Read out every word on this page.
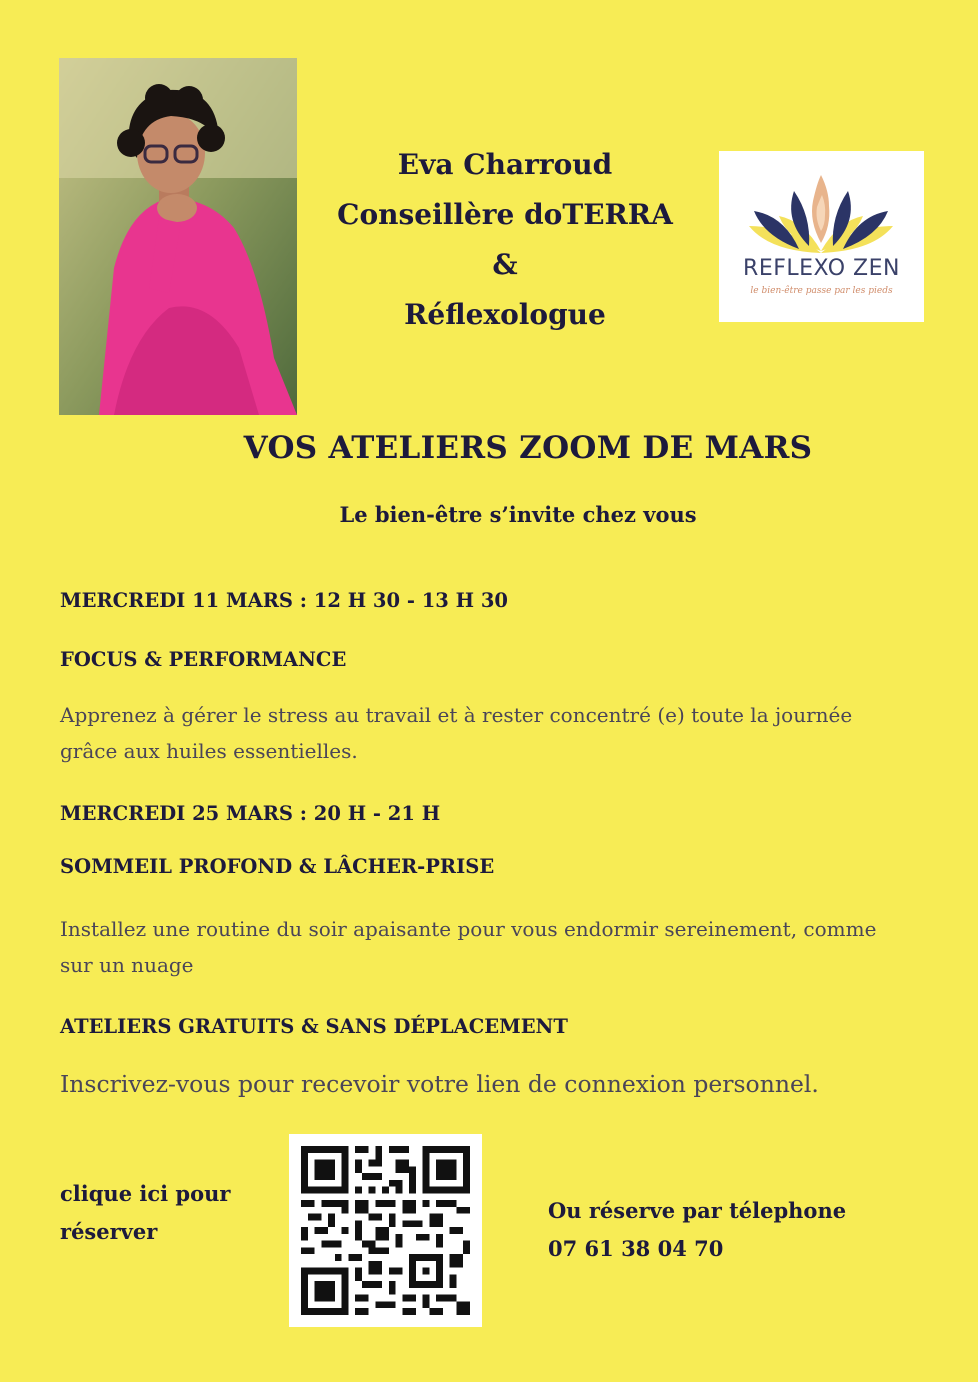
Eva Charroud
Conseillère doTERRA
&
Réflexologue
REFLEXO ZEN
le bien-être passe par les pieds
VOS ATELIERS ZOOM DE MARS
Le bien-être s’invite chez vous
MERCREDI 11 MARS : 12 H 30 - 13 H 30
FOCUS & PERFORMANCE
Apprenez à gérer le stress au travail et à rester concentré (e) toute la journée grâce aux huiles essentielles.
MERCREDI 25 MARS : 20 H - 21 H
SOMMEIL PROFOND & LÂCHER-PRISE
Installez une routine du soir apaisante pour vous endormir sereinement, comme sur un nuage
ATELIERS GRATUITS & SANS DÉPLACEMENT
Inscrivez-vous pour recevoir votre lien de connexion personnel.
clique ici pour
réserver
Ou réserve par télephone
07 61 38 04 70
